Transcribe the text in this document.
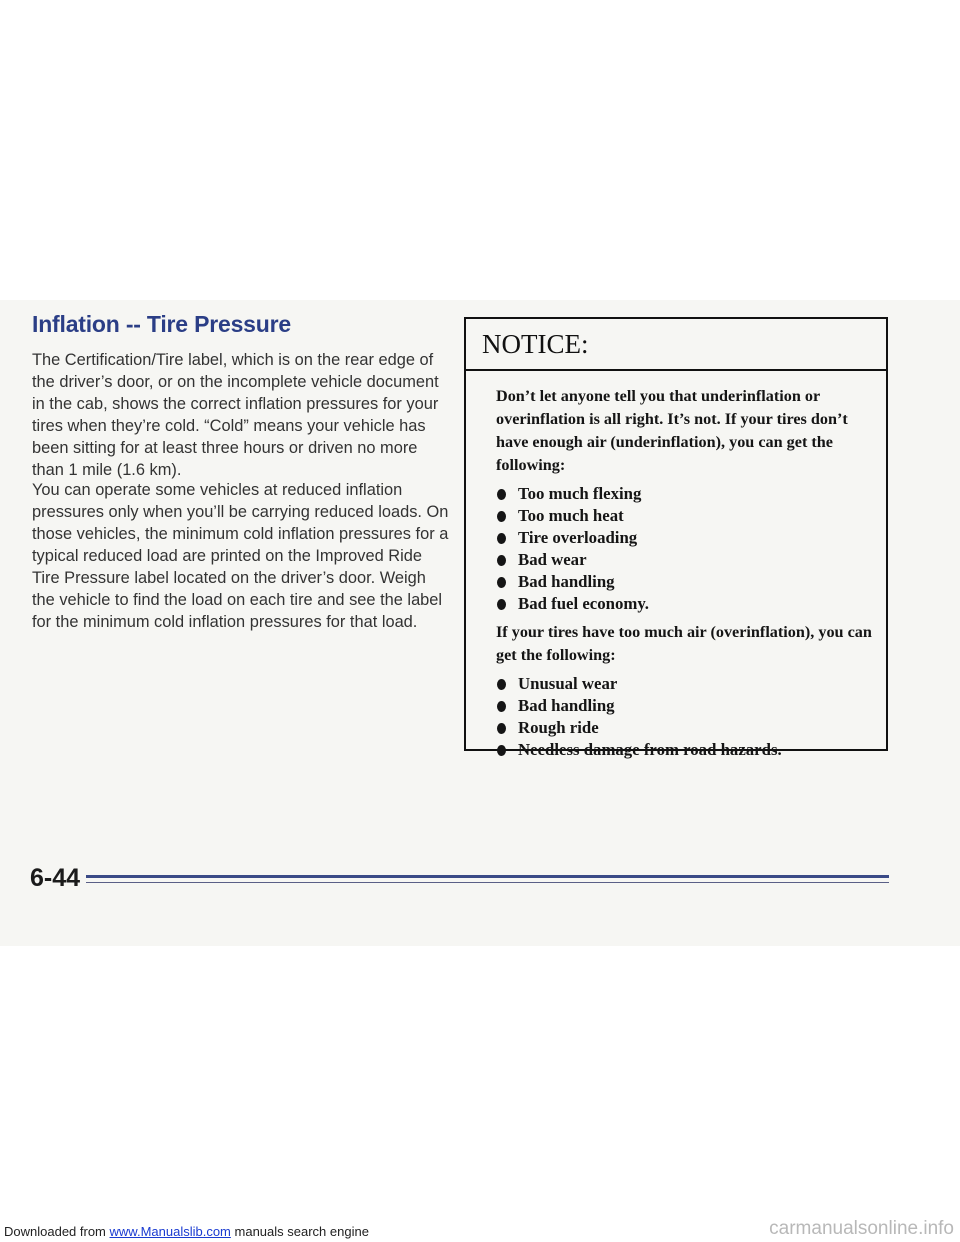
Inflation -- Tire Pressure

The Certification/Tire label, which is on the rear edge of the driver’s door, or on the incomplete vehicle document in the cab, shows the correct inflation pressures for your tires when they’re cold. “Cold” means your vehicle has been sitting for at least three hours or driven no more than 1 mile (1.6 km).

You can operate some vehicles at reduced inflation pressures only when you’ll be carrying reduced loads. On those vehicles, the minimum cold inflation pressures for a typical reduced load are printed on the Improved Ride Tire Pressure label located on the driver’s door. Weigh the vehicle to find the load on each tire and see the label for the minimum cold inflation pressures for that load.

NOTICE:

Don’t let anyone tell you that underinflation or overinflation is all right. It’s not. If your tires don’t have enough air (underinflation), you can get the following:

Too much flexing
Too much heat
Tire overloading
Bad wear
Bad handling
Bad fuel economy.

If your tires have too much air (overinflation), you can get the following:

Unusual wear
Bad handling
Rough ride
Needless damage from road hazards.
6-44
Downloaded from www.Manualslib.com manuals search engine	carmanualsonline.info
